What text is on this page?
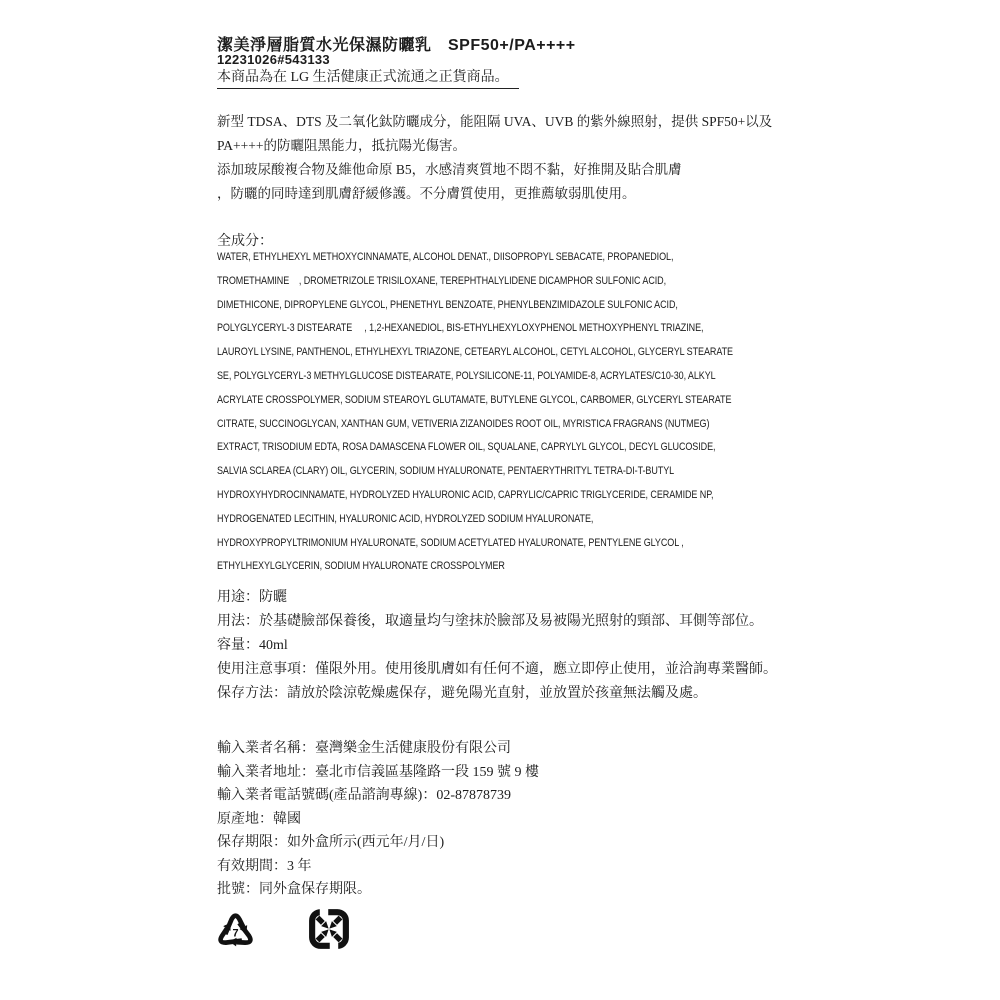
潔美淨層脂質水光保濕防曬乳　SPF50+/PA++++
12231026#543133
本商品為在 LG 生活健康正式流通之正貨商品。
新型 TDSA、DTS 及二氧化鈦防曬成分，能阻隔 UVA、UVB 的紫外線照射，提供 SPF50+以及
PA++++的防曬阻黑能力，抵抗陽光傷害。
添加玻尿酸複合物及維他命原 B5，水感清爽質地不悶不黏，好推開及貼合肌膚
，防曬的同時達到肌膚舒緩修護。不分膚質使用，更推薦敏弱肌使用。
全成分：
WATER, ETHYLHEXYL METHOXYCINNAMATE, ALCOHOL DENAT., DIISOPROPYL SEBACATE, PROPANEDIOL,
TROMETHAMINE    , DROMETRIZOLE TRISILOXANE, TEREPHTHALYLIDENE DICAMPHOR SULFONIC ACID,
DIMETHICONE, DIPROPYLENE GLYCOL, PHENETHYL BENZOATE, PHENYLBENZIMIDAZOLE SULFONIC ACID,
POLYGLYCERYL-3 DISTEARATE     , 1,2-HEXANEDIOL, BIS-ETHYLHEXYLOXYPHENOL METHOXYPHENYL TRIAZINE,
LAUROYL LYSINE, PANTHENOL, ETHYLHEXYL TRIAZONE, CETEARYL ALCOHOL, CETYL ALCOHOL, GLYCERYL STEARATE
SE, POLYGLYCERYL-3 METHYLGLUCOSE DISTEARATE, POLYSILICONE-11, POLYAMIDE-8, ACRYLATES/C10-30, ALKYL
ACRYLATE CROSSPOLYMER, SODIUM STEAROYL GLUTAMATE, BUTYLENE GLYCOL, CARBOMER, GLYCERYL STEARATE
CITRATE, SUCCINOGLYCAN, XANTHAN GUM, VETIVERIA ZIZANOIDES ROOT OIL, MYRISTICA FRAGRANS (NUTMEG)
EXTRACT, TRISODIUM EDTA, ROSA DAMASCENA FLOWER OIL, SQUALANE, CAPRYLYL GLYCOL, DECYL GLUCOSIDE,
SALVIA SCLAREA (CLARY) OIL, GLYCERIN, SODIUM HYALURONATE, PENTAERYTHRITYL TETRA-DI-T-BUTYL
HYDROXYHYDROCINNAMATE, HYDROLYZED HYALURONIC ACID, CAPRYLIC/CAPRIC TRIGLYCERIDE, CERAMIDE NP,
HYDROGENATED LECITHIN, HYALURONIC ACID, HYDROLYZED SODIUM HYALURONATE,
HYDROXYPROPYLTRIMONIUM HYALURONATE, SODIUM ACETYLATED HYALURONATE, PENTYLENE GLYCOL ,
ETHYLHEXYLGLYCERIN, SODIUM HYALURONATE CROSSPOLYMER
用途：防曬
用法：於基礎臉部保養後，取適量均勻塗抹於臉部及易被陽光照射的頸部、耳側等部位。
容量：40ml
使用注意事項：僅限外用。使用後肌膚如有任何不適，應立即停止使用，並洽詢專業醫師。
保存方法：請放於陰涼乾燥處保存，避免陽光直射，並放置於孩童無法觸及處。
輸入業者名稱：臺灣樂金生活健康股份有限公司
輸入業者地址：臺北市信義區基隆路一段 159 號 9 樓
輸入業者電話號碼(產品諮詢專線)：02-87878739
原產地：韓國
保存期限：如外盒所示(西元年/月/日)
有效期間：3 年
批號：同外盒保存期限。
7
